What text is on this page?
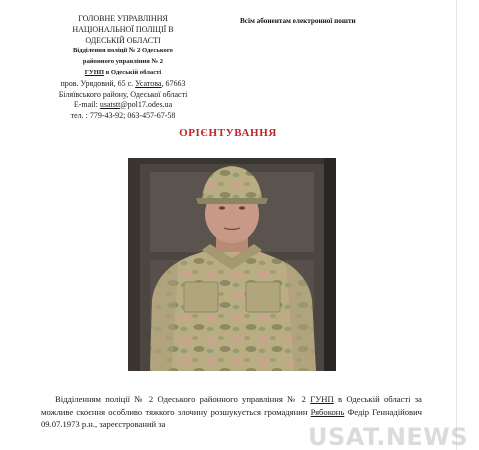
ГОЛОВНЕ УПРАВЛІННЯ
НАЦІОНАЛЬНОЇ ПОЛІЦІЇ В
ОДЕСЬКІЙ ОБЛАСТІ
Відділення поліції № 2 Одеського
районного управління № 2
ГУНП в Одеській області
пров. Урядовий, 65 с. Усатова, 67663
Біляївського району, Одеської області
E-mail: usatstt@pol17.odes.ua
тел. : 779-43-92; 063-457-67-58
Всім абонентам електронної пошти
ОРІЄНТУВАННЯ
Відділенням поліції № 2 Одеського районного управління № 2 ГУНП в Одеській області за можливе скоєння особливо тяжкого злочину розшукується громадянин Рябоконь Федір Геннадійович 09.07.1973 р.н., зареєстрований за	USAT.NEWS
